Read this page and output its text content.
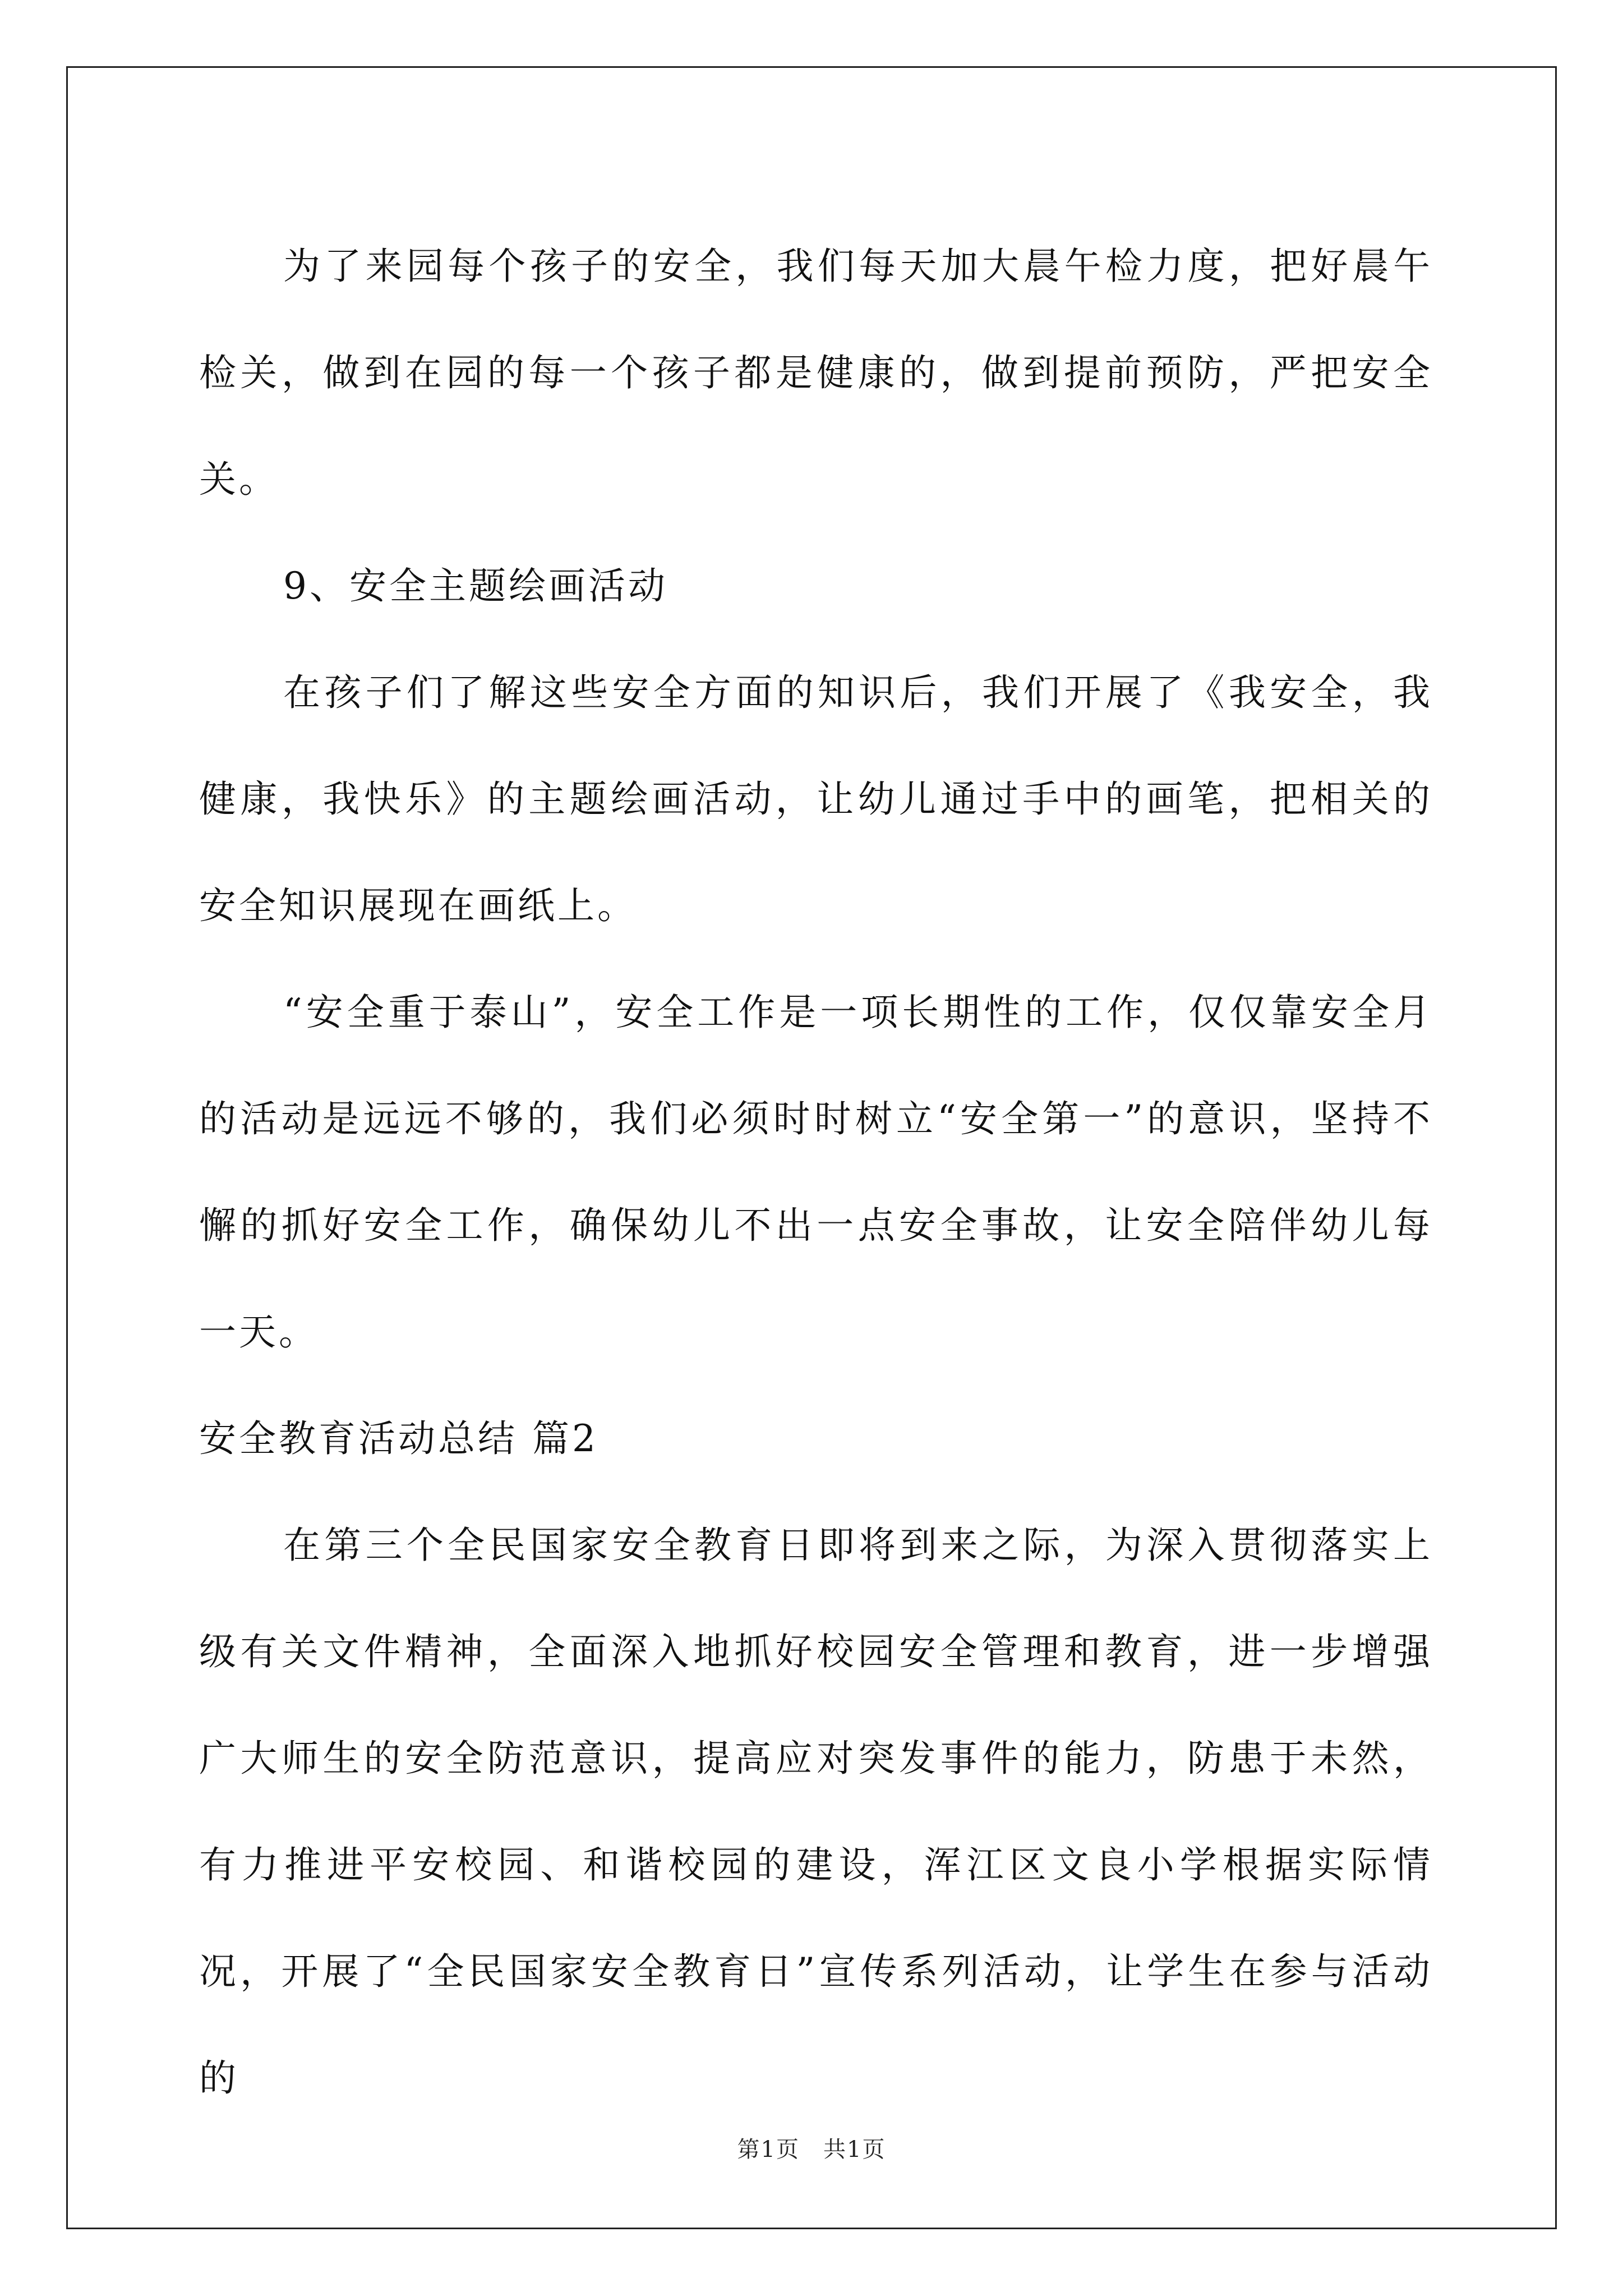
为了来园每个孩子的安全，我们每天加大晨午检力度，把好晨午检关，做到在园的每一个孩子都是健康的，做到提前预防，严把安全关。

9、安全主题绘画活动

在孩子们了解这些安全方面的知识后，我们开展了《我安全，我健康，我快乐》的主题绘画活动，让幼儿通过手中的画笔，把相关的安全知识展现在画纸上。

“安全重于泰山”，安全工作是一项长期性的工作，仅仅靠安全月的活动是远远不够的，我们必须时时树立“安全第一”的意识，坚持不懈的抓好安全工作，确保幼儿不出一点安全事故，让安全陪伴幼儿每一天。

安全教育活动总结 篇2

在第三个全民国家安全教育日即将到来之际，为深入贯彻落实上级有关文件精神，全面深入地抓好校园安全管理和教育，进一步增强广大师生的安全防范意识，提高应对突发事件的能力，防患于未然，有力推进平安校园、和谐校园的建设，浑江区文良小学根据实际情况，开展了“全民国家安全教育日”宣传系列活动，让学生在参与活动的

第1页　共1页
